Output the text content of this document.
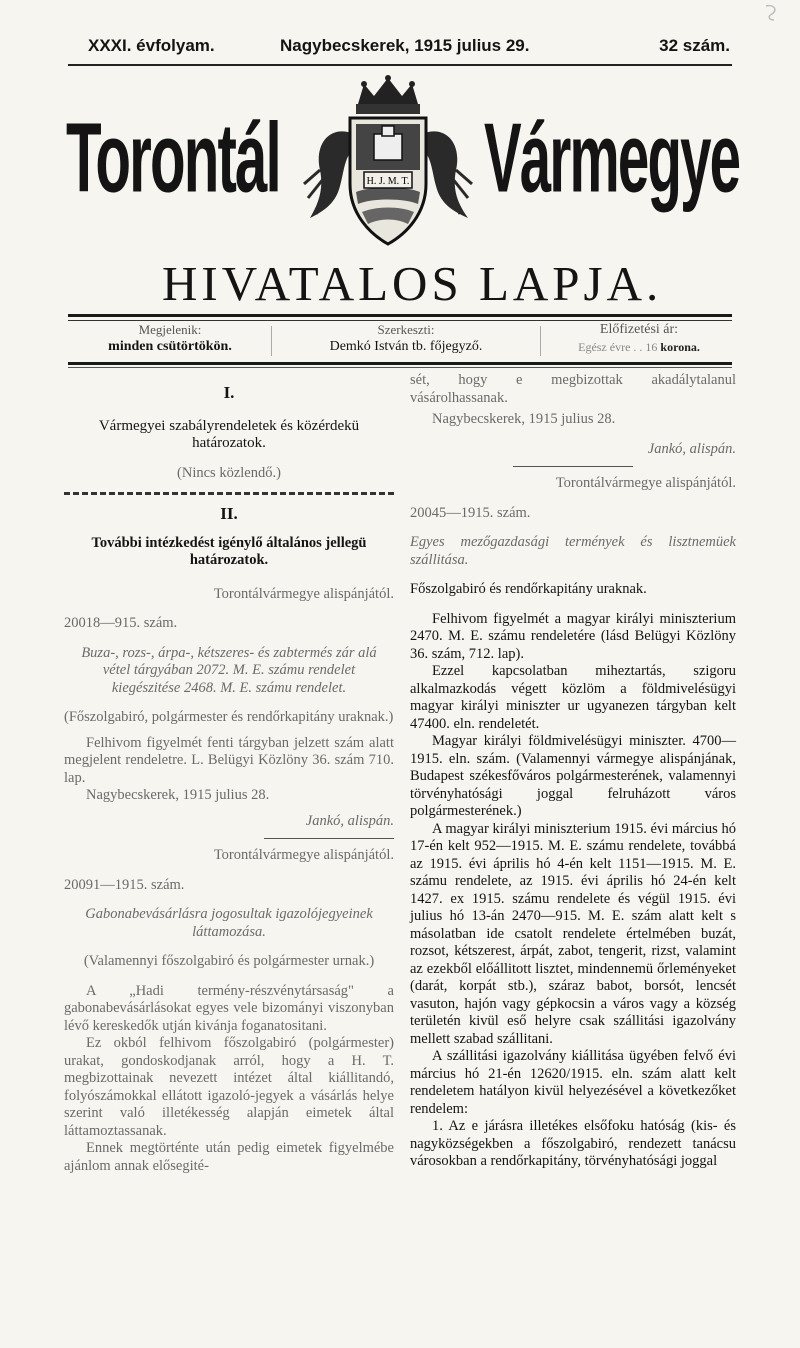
XXXI. évfolyam.	Nagybecskerek, 1915 julius 29.	32 szám.
Torontál	H. J. M. T. Vármegye
HIVATALOS LAPJA.
Megjelenik:
minden csütörtökön.
Szerkeszti:
Demkó István tb. főjegyző.
Előfizetési ár:
Egész évre . . 16 korona.

I.

Vármegyei szabályrendeletek és közérdekü határozatok.

(Nincs közlendő.)

II.

További intézkedést igénylő általános jellegü határozatok.

Torontálvármegye alispánjától.

20018—915. szám.

Buza-, rozs-, árpa-, kétszeres- és zabtermés zár alá vétel tárgyában 2072. M. E. számu rendelet kiegészitése 2468. M. E. számu rendelet.

(Főszolgabiró, polgármester és rendőrkapitány uraknak.)

Felhivom figyelmét fenti tárgyban jelzett szám alatt megjelent rendeletre. L. Belügyi Közlöny 36. szám 710. lap.

Nagybecskerek, 1915 julius 28.

Jankó, alispán.

Torontálvármegye alispánjától.

20091—1915. szám.

Gabonabevásárlásra jogosultak igazolójegyeinek láttamozása.

(Valamennyi főszolgabiró és polgármester urnak.)

A „Hadi termény-részvénytársaság" a gabonabevásárlásokat egyes vele bizományi viszonyban lévő kereskedők utján kivánja foganatositani.

Ez okból felhivom főszolgabiró (polgármester) urakat, gondoskodjanak arról, hogy a H. T. megbizottainak nevezett intézet által kiállitandó, folyószámokkal ellátott igazoló-jegyek a vásárlás helye szerint való illetékesség alapján eimetek által láttamoztassanak.

Ennek megtörténte után pedig eimetek figyelmébe ajánlom annak elősegité-

sét, hogy e megbizottak akadálytalanul vásárolhassanak.

Nagybecskerek, 1915 julius 28.

Jankó, alispán.

Torontálvármegye alispánjától.

20045—1915. szám.

Egyes mezőgazdasági termények és lisztnemüek szállitása.

Főszolgabiró és rendőrkapitány uraknak.

Felhivom figyelmét a magyar királyi miniszterium 2470. M. E. számu rendeletére (lásd Belügyi Közlöny 36. szám, 712. lap).

Ezzel kapcsolatban miheztartás, szigoru alkalmazkodás végett közlöm a földmivelésügyi magyar királyi miniszter ur ugyanezen tárgyban kelt 47400. eln. rendeletét.

Magyar királyi földmivelésügyi miniszter. 4700—1915. eln. szám. (Valamennyi vármegye alispánjának, Budapest székesfőváros polgármesterének, valamennyi törvényhatósági joggal felruházott város polgármesterének.)

A magyar királyi miniszterium 1915. évi március hó 17-én kelt 952—1915. M. E. számu rendelete, továbbá az 1915. évi április hó 4-én kelt 1151—1915. M. E. számu rendelete, az 1915. évi április hó 24-én kelt 1427. ex 1915. számu rendelete és végül 1915. évi julius hó 13-án 2470—915. M. E. szám alatt kelt s másolatban ide csatolt rendelete értelmében buzát, rozsot, kétszerest, árpát, zabot, tengerit, rizst, valamint az ezekből előállitott lisztet, mindennemü őrleményeket (darát, korpát stb.), száraz babot, borsót, lencsét vasuton, hajón vagy gépkocsin a város vagy a község területén kivül eső helyre csak szállitási igazolvány mellett szabad szállitani.

A szállitási igazolvány kiállitása ügyében felvő évi március hó 21-én 12620/1915. eln. szám alatt kelt rendeletem hatályon kivül helyezésével a következőket rendelem:

1. Az e járásra illetékes elsőfoku hatóság (kis- és nagyközségekben a főszolgabiró, rendezett tanácsu városokban a rendőrkapitány, törvényhatósági joggal
